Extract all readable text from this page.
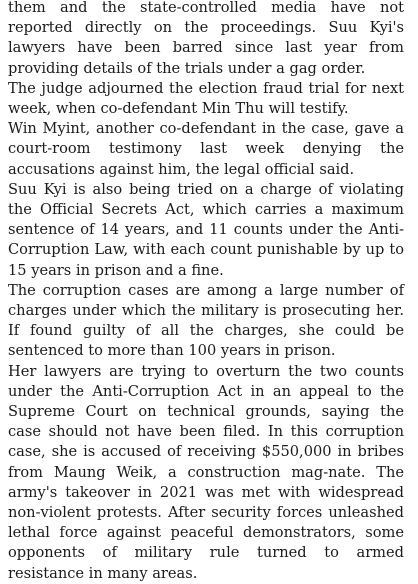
them and the state-controlled media have not reported directly on the proceedings. Suu Kyi's lawyers have been barred since last year from providing details of the trials under a gag order.

The judge adjourned the election fraud trial for next week, when co-defendant Min Thu will testify.

Win Myint, another co-defendant in the case, gave a court-room testimony last week denying the accusations against him, the legal official said.

Suu Kyi is also being tried on a charge of violating the Official Secrets Act, which carries a maximum sentence of 14 years, and 11 counts under the Anti-Corruption Law, with each count punishable by up to 15 years in prison and a fine.

The corruption cases are among a large number of charges under which the military is prosecuting her. If found guilty of all the charges, she could be sentenced to more than 100 years in prison.

Her lawyers are trying to overturn the two counts under the Anti-Corruption Act in an appeal to the Supreme Court on technical grounds, saying the case should not have been filed. In this corruption case, she is accused of receiving $550,000 in bribes from Maung Weik, a construction mag-nate. The army's takeover in 2021 was met with widespread non-violent protests. After security forces unleashed lethal force against peaceful demonstrators, some opponents of military rule turned to armed resistance in many areas.
